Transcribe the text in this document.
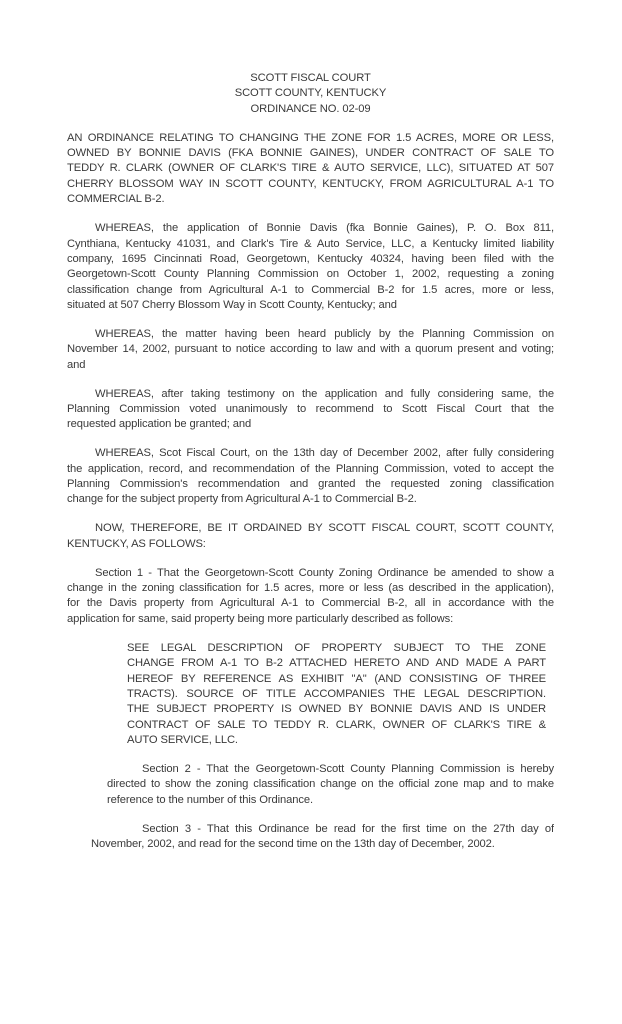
SCOTT FISCAL COURT
SCOTT COUNTY, KENTUCKY
ORDINANCE NO. 02-09

AN ORDINANCE RELATING TO CHANGING THE ZONE FOR 1.5 ACRES, MORE OR LESS,
OWNED BY BONNIE DAVIS (FKA BONNIE GAINES), UNDER CONTRACT OF SALE TO
TEDDY R. CLARK (OWNER OF CLARK'S TIRE & AUTO SERVICE, LLC), SITUATED AT 507
CHERRY BLOSSOM WAY IN SCOTT COUNTY, KENTUCKY, FROM AGRICULTURAL A-1 TO
COMMERCIAL B-2.

WHEREAS, the application of Bonnie Davis (fka Bonnie Gaines), P. O. Box 811,
Cynthiana, Kentucky 41031, and Clark's Tire & Auto Service, LLC, a Kentucky limited liability
company, 1695 Cincinnati Road, Georgetown, Kentucky 40324, having been filed with the
Georgetown-Scott County Planning Commission on October 1, 2002, requesting a zoning
classification change from Agricultural A-1 to Commercial B-2 for 1.5 acres, more or less,
situated at 507 Cherry Blossom Way in Scott County, Kentucky; and

WHEREAS, the matter having been heard publicly by the Planning Commission on
November 14, 2002, pursuant to notice according to law and with a quorum present and voting;
and

WHEREAS, after taking testimony on the application and fully considering same, the
Planning Commission voted unanimously to recommend to Scott Fiscal Court that the
requested application be granted; and

WHEREAS, Scot Fiscal Court, on the 13th day of December 2002, after fully considering
the application, record, and recommendation of the Planning Commission, voted to accept the
Planning Commission's recommendation and granted the requested zoning classification
change for the subject property from Agricultural A-1 to Commercial B-2.

NOW, THEREFORE, BE IT ORDAINED BY SCOTT FISCAL COURT, SCOTT COUNTY,
KENTUCKY, AS FOLLOWS:

Section 1 - That the Georgetown-Scott County Zoning Ordinance be amended to show a
change in the zoning classification for 1.5 acres, more or less (as described in the application),
for the Davis property from Agricultural A-1 to Commercial B-2, all in accordance with the
application for same, said property being more particularly described as follows:

SEE LEGAL DESCRIPTION OF PROPERTY SUBJECT TO THE ZONE
CHANGE FROM A-1 TO B-2 ATTACHED HERETO AND AND MADE A PART
HEREOF BY REFERENCE AS EXHIBIT "A" (AND CONSISTING OF THREE
TRACTS). SOURCE OF TITLE ACCOMPANIES THE LEGAL DESCRIPTION.
THE SUBJECT PROPERTY IS OWNED BY BONNIE DAVIS AND IS UNDER
CONTRACT OF SALE TO TEDDY R. CLARK, OWNER OF CLARK'S TIRE &
AUTO SERVICE, LLC.

Section 2 - That the Georgetown-Scott County Planning Commission is hereby
directed to show the zoning classification change on the official zone map and to make
reference to the number of this Ordinance.

Section 3 - That this Ordinance be read for the first time on the 27th day of
November, 2002, and read for the second time on the 13th day of December, 2002.
